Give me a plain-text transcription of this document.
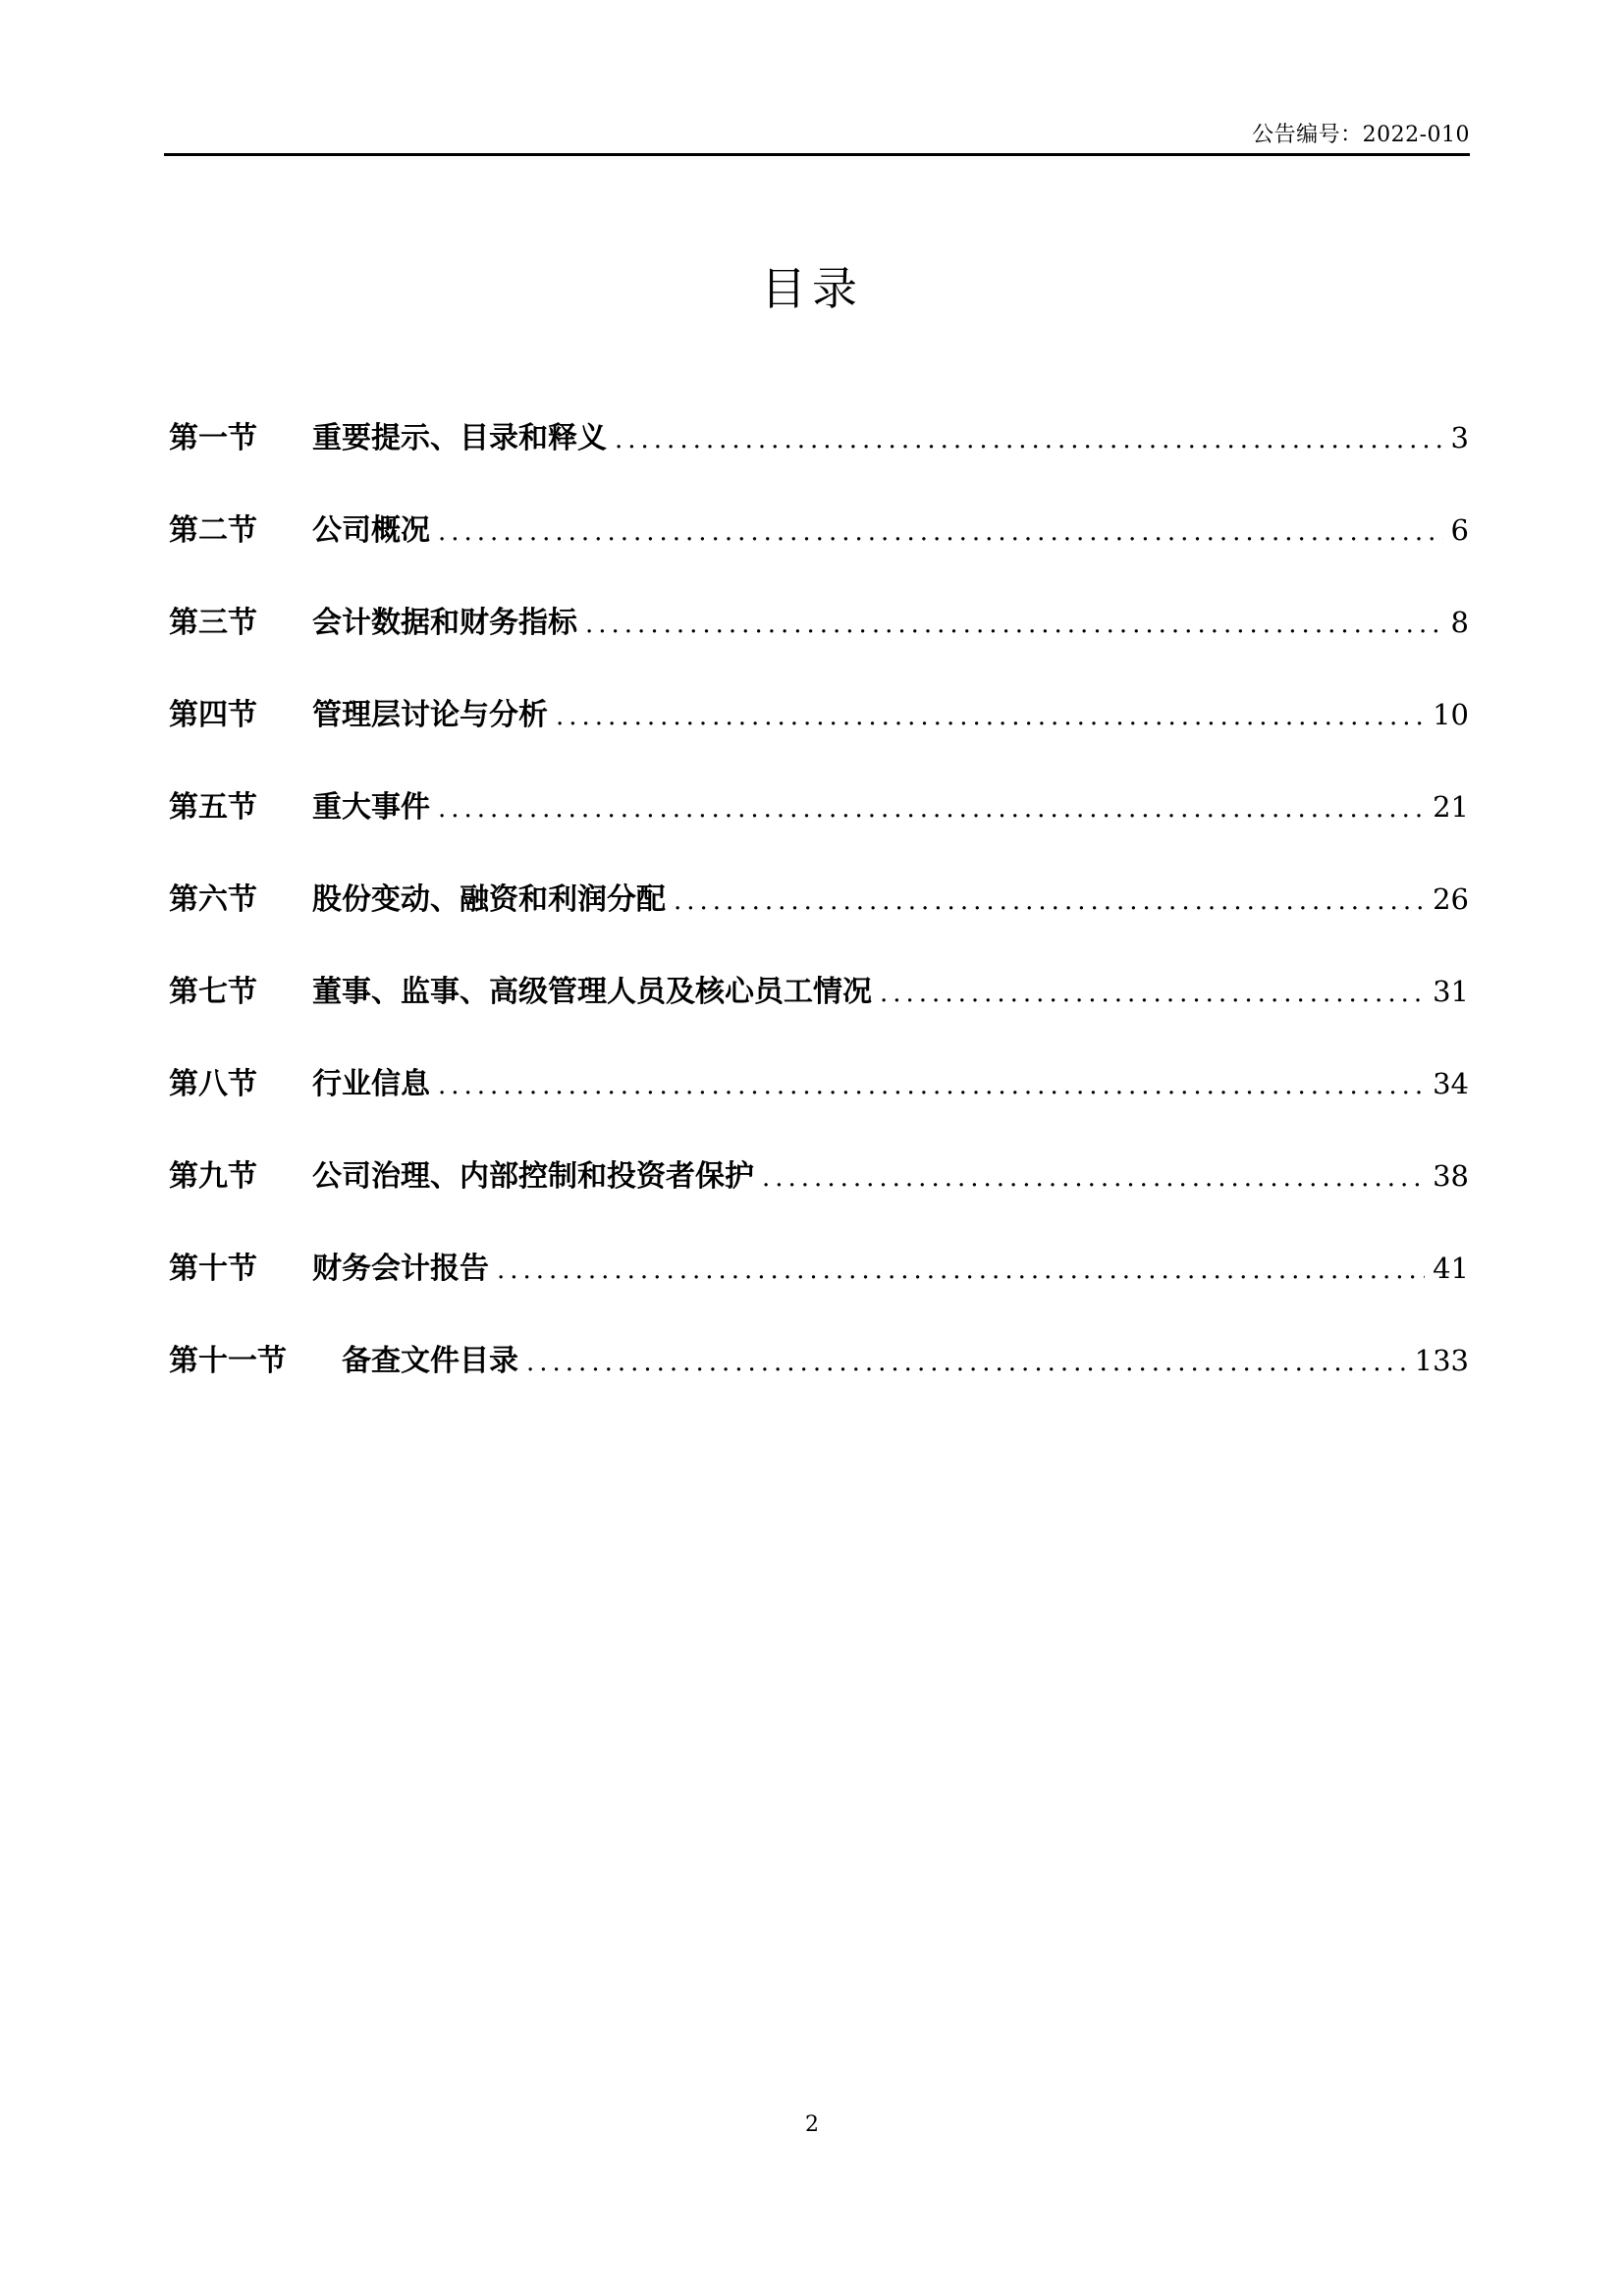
公告编号：2022-010
目录
第一节	重要提示、目录和释义 .....	3
第二节	公司概况 .....	6
第三节	会计数据和财务指标 .....	8
第四节	管理层讨论与分析 .....	10
第五节	重大事件 .....	21
第六节	股份变动、融资和利润分配 .....	26
第七节	董事、监事、高级管理人员及核心员工情况 .....	31
第八节	行业信息 .....	34
第九节	公司治理、内部控制和投资者保护 .....	38
第十节	财务会计报告 .....	41
第十一节	备查文件目录 .....	133
2
